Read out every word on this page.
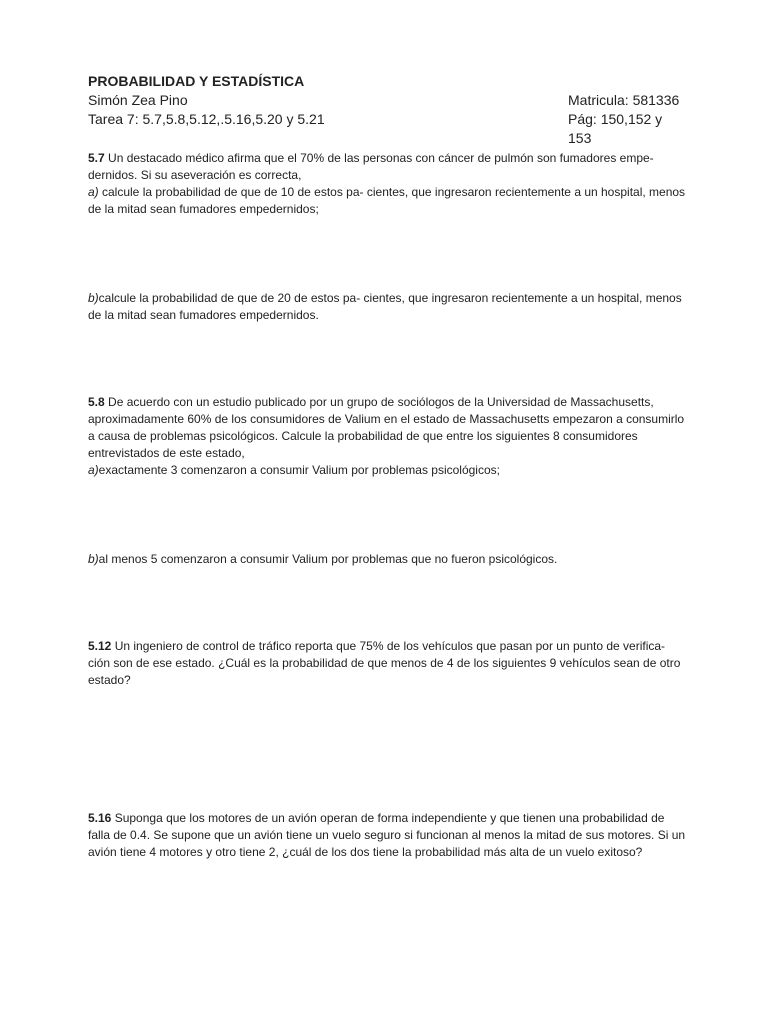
PROBABILIDAD Y ESTADÍSTICA

Simón Zea Pino	Matricula: 581336
Tarea 7: 5.7,5.8,5.12,.5.16,5.20 y 5.21	Pág: 150,152 y 153

5.7 Un destacado médico afirma que el 70% de las personas con cáncer de pulmón son fumadores empe- dernidos. Si su aseveración es correcta,

a) calcule la probabilidad de que de 10 de estos pa- cientes, que ingresaron recientemente a un hospital, menos de la mitad sean fumadores empedernidos;

b)calcule la probabilidad de que de 20 de estos pa- cientes, que ingresaron recientemente a un hospital, menos de la mitad sean fumadores empedernidos.

5.8 De acuerdo con un estudio publicado por un grupo de sociólogos de la Universidad de Massachusetts, aproximadamente 60% de los consumidores de Valium en el estado de Massachusetts empezaron a consumirlo a causa de problemas psicológicos. Calcule la probabilidad de que entre los siguientes 8 consumidores entrevistados de este estado,

a)exactamente 3 comenzaron a consumir Valium por problemas psicológicos;

b)al menos 5 comenzaron a consumir Valium por problemas que no fueron psicológicos.

5.12 Un ingeniero de control de tráfico reporta que 75% de los vehículos que pasan por un punto de verifica- ción son de ese estado. ¿Cuál es la probabilidad de que menos de 4 de los siguientes 9 vehículos sean de otro estado?

5.16 Suponga que los motores de un avión operan de forma independiente y que tienen una probabilidad de falla de 0.4. Se supone que un avión tiene un vuelo seguro si funcionan al menos la mitad de sus motores. Si un avión tiene 4 motores y otro tiene 2, ¿cuál de los dos tiene la probabilidad más alta de un vuelo exitoso?
